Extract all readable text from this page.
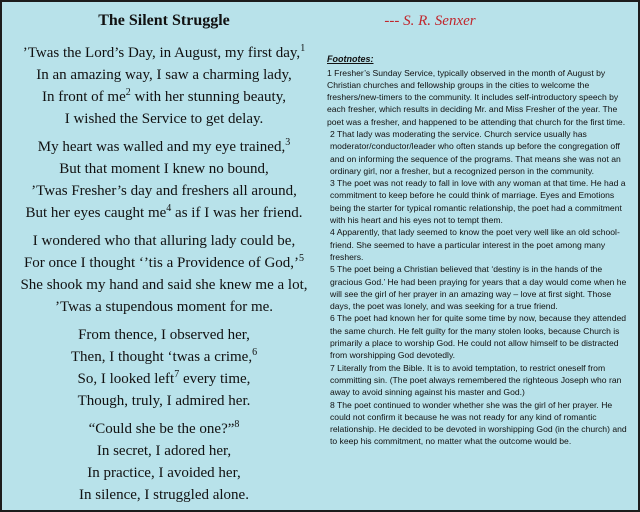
The Silent Struggle	--- S. R. Senxer
’Twas the Lord’s Day, in August, my first day,$^1$
In an amazing way, I saw a charming lady,
In front of $me^2$ with her stunning beauty,
I wished the Service to get delay.
My heart was walled and my eye trained,$^3$
But that moment I knew no bound,
’Twas Fresher’s day and freshers all around,
But her eyes caught $me^4$ as if I was her friend.
I wondered who that alluring lady could be,
For once I thought ‘’tis a Providence of God,’$^5$
She shook my hand and said she knew me a lot,
’Twas a stupendous moment for me.
From thence, I observed her,
Then, I thought ‘twas a crime,$^6$
So, I looked left$^7$ every time,
Though, truly, I admired her.
“Could she be the one?”$^8$
In secret, I adored her,
In practice, I avoided her,
In silence, I struggled alone.
Footnotes:

1 Fresher’s Sunday Service, typically observed in the month of August by Christian churches and fellowship groups in the cities to welcome the freshers/new-timers to the community. It includes self-introductory speech by each fresher, which results in deciding Mr. and Miss Fresher of the year. The poet was a fresher, and happened to be attending that church for the first time.

2 That lady was moderating the service. Church service usually has moderator/conductor/leader who often stands up before the congregation off and on informing the sequence of the programs. That means she was not an ordinary girl, nor a fresher, but a recognized person in the community.

3 The poet was not ready to fall in love with any woman at that time. He had a commitment to keep before he could think of marriage. Eyes and Emotions being the starter for typical romantic relationship, the poet had a commitment with his heart and his eyes not to tempt them.

4 Apparently, that lady seemed to know the poet very well like an old school-friend. She seemed to have a particular interest in the poet among many freshers.

5 The poet being a Christian believed that ‘destiny is in the hands of the gracious God.’ He had been praying for years that a day would come when he will see the girl of her prayer in an amazing way – love at first sight. Those days, the poet was lonely, and was seeking for a true friend.

6 The poet had known her for quite some time by now, because they attended the same church. He felt guilty for the many stolen looks, because Church is primarily a place to worship God. He could not allow himself to be distracted from worshipping God devotedly.

7 Literally from the Bible. It is to avoid temptation, to restrict oneself from committing sin. (The poet always remembered the righteous Joseph who ran away to avoid sinning against his master and God.)

8 The poet continued to wonder whether she was the girl of her prayer. He could not confirm it because he was not ready for any kind of romantic relationship. He decided to be devoted in worshipping God (in the church) and to keep his commitment, no matter what the outcome would be.
